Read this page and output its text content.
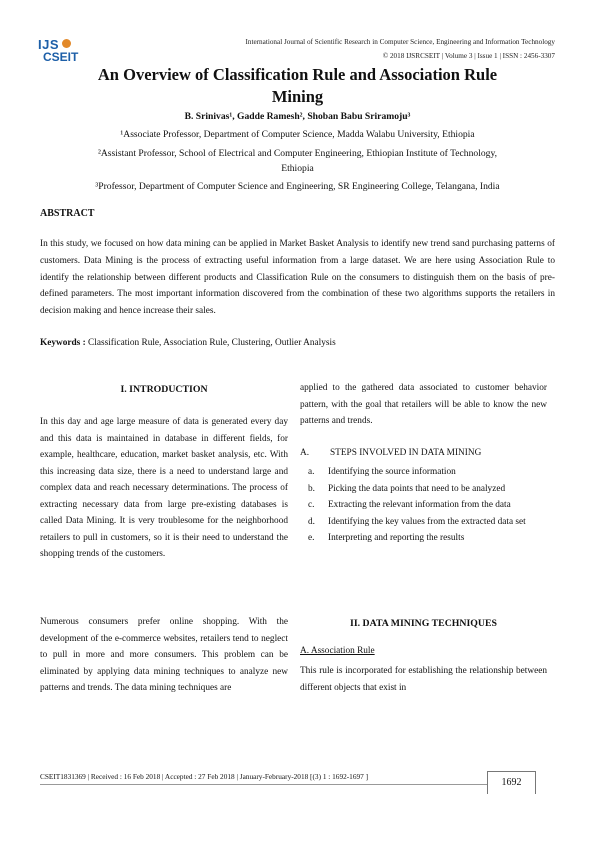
IJS
CSEIT
International Journal of Scientific Research in Computer Science, Engineering and Information Technology
© 2018 IJSRCSEIT | Volume 3 | Issue 1 | ISSN : 2456-3307
An Overview of Classification Rule and Association Rule
Mining
B. Srinivas¹, Gadde Ramesh², Shoban Babu Sriramoju³
¹Associate Professor, Department of Computer Science, Madda Walabu University, Ethiopia
²Assistant Professor, School of Electrical and Computer Engineering, Ethiopian Institute of Technology,
Ethiopia
³Professor, Department of Computer Science and Engineering, SR Engineering College, Telangana, India
ABSTRACT
In this study, we focused on how data mining can be applied in Market Basket Analysis to identify new trend sand purchasing patterns of customers. Data Mining is the process of extracting useful information from a large dataset. We are here using Association Rule to identify the relationship between different products and Classification Rule on the consumers to distinguish them on the basis of pre-defined parameters. The most important information discovered from the combination of these two algorithms supports the retailers in decision making and hence increase their sales.
Keywords : Classification Rule, Association Rule, Clustering, Outlier Analysis
I. INTRODUCTION
In this day and age large measure of data is generated every day and this data is maintained in database in different fields, for example, healthcare, education, market basket analysis, etc. With this increasing data size, there is a need to understand large and complex data and reach necessary determinations. The process of extracting necessary data from large pre-existing databases is called Data Mining. It is very troublesome for the neighborhood retailers to pull in customers, so it is their need to understand the shopping trends of the customers.
Numerous consumers prefer online shopping. With the development of the e-commerce websites, retailers tend to neglect to pull in more and more consumers. This problem can be eliminated by applying data mining techniques to analyze new patterns and trends. The data mining techniques are
applied to the gathered data associated to customer behavior pattern, with the goal that retailers will be able to know the new patterns and trends.
A. STEPS INVOLVED IN DATA MINING
a. Identifying the source information
b. Picking the data points that need to be analyzed
c. Extracting the relevant information from the data
d. Identifying the key values from the extracted data set
e. Interpreting and reporting the results
II. DATA MINING TECHNIQUES
A. Association Rule
This rule is incorporated for establishing the relationship between different objects that exist in
CSEIT1831369 | Received : 16 Feb 2018 | Accepted : 27 Feb 2018 | January-February-2018 [(3) 1 : 1692-1697 ]
1692
